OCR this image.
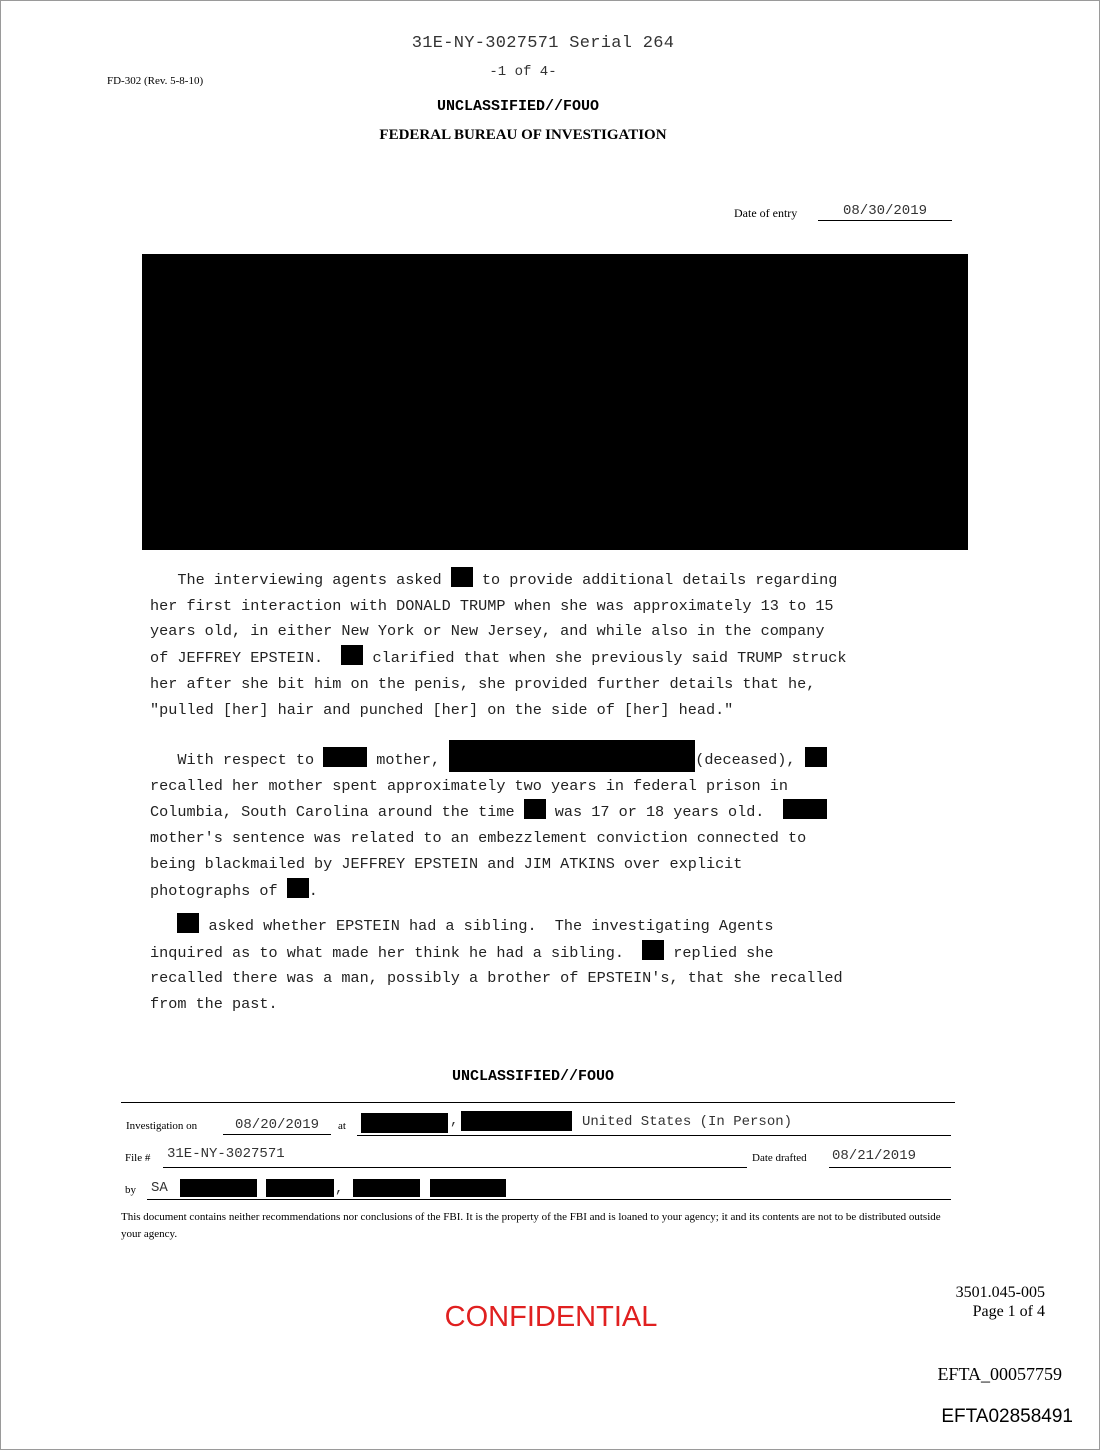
31E-NY-3027571 Serial 264
-1 of 4-
FD-302 (Rev. 5-8-10)
UNCLASSIFIED//FOUO
FEDERAL BUREAU OF INVESTIGATION
Date of entry	08/30/2019
The interviewing agents asked  to provide additional details regarding
her first interaction with DONALD TRUMP when she was approximately 13 to 15
years old, in either New York or New Jersey, and while also in the company
of JEFFREY EPSTEIN.   clarified that when she previously said TRUMP struck
her after she bit him on the penis, she provided further details that he,
"pulled [her] hair and punched [her] on the side of [her] head."
With respect to	mother,	(deceased),
recalled her mother spent approximately two years in federal prison in
Columbia, South Carolina around the time  was 17 or 18 years old.
mother's sentence was related to an embezzlement conviction connected to
being blackmailed by JEFFREY EPSTEIN and JIM ATKINS over explicit
photographs of .
asked whether EPSTEIN had a sibling.  The investigating Agents
inquired as to what made her think he had a sibling.   replied she
recalled there was a man, possibly a brother of EPSTEIN's, that she recalled
from the past.
UNCLASSIFIED//FOUO
Investigation on	08/20/2019	at	,	United States (In Person)
File # 31E-NY-3027571	Date drafted 08/21/2019
by SA	,
This document contains neither recommendations nor conclusions of the FBI. It is the property of the FBI and is loaned to your agency; it and its contents are not to be distributed outside your agency.
CONFIDENTIAL
3501.045-005
Page 1 of 4
EFTA_00057759
EFTA02858491
